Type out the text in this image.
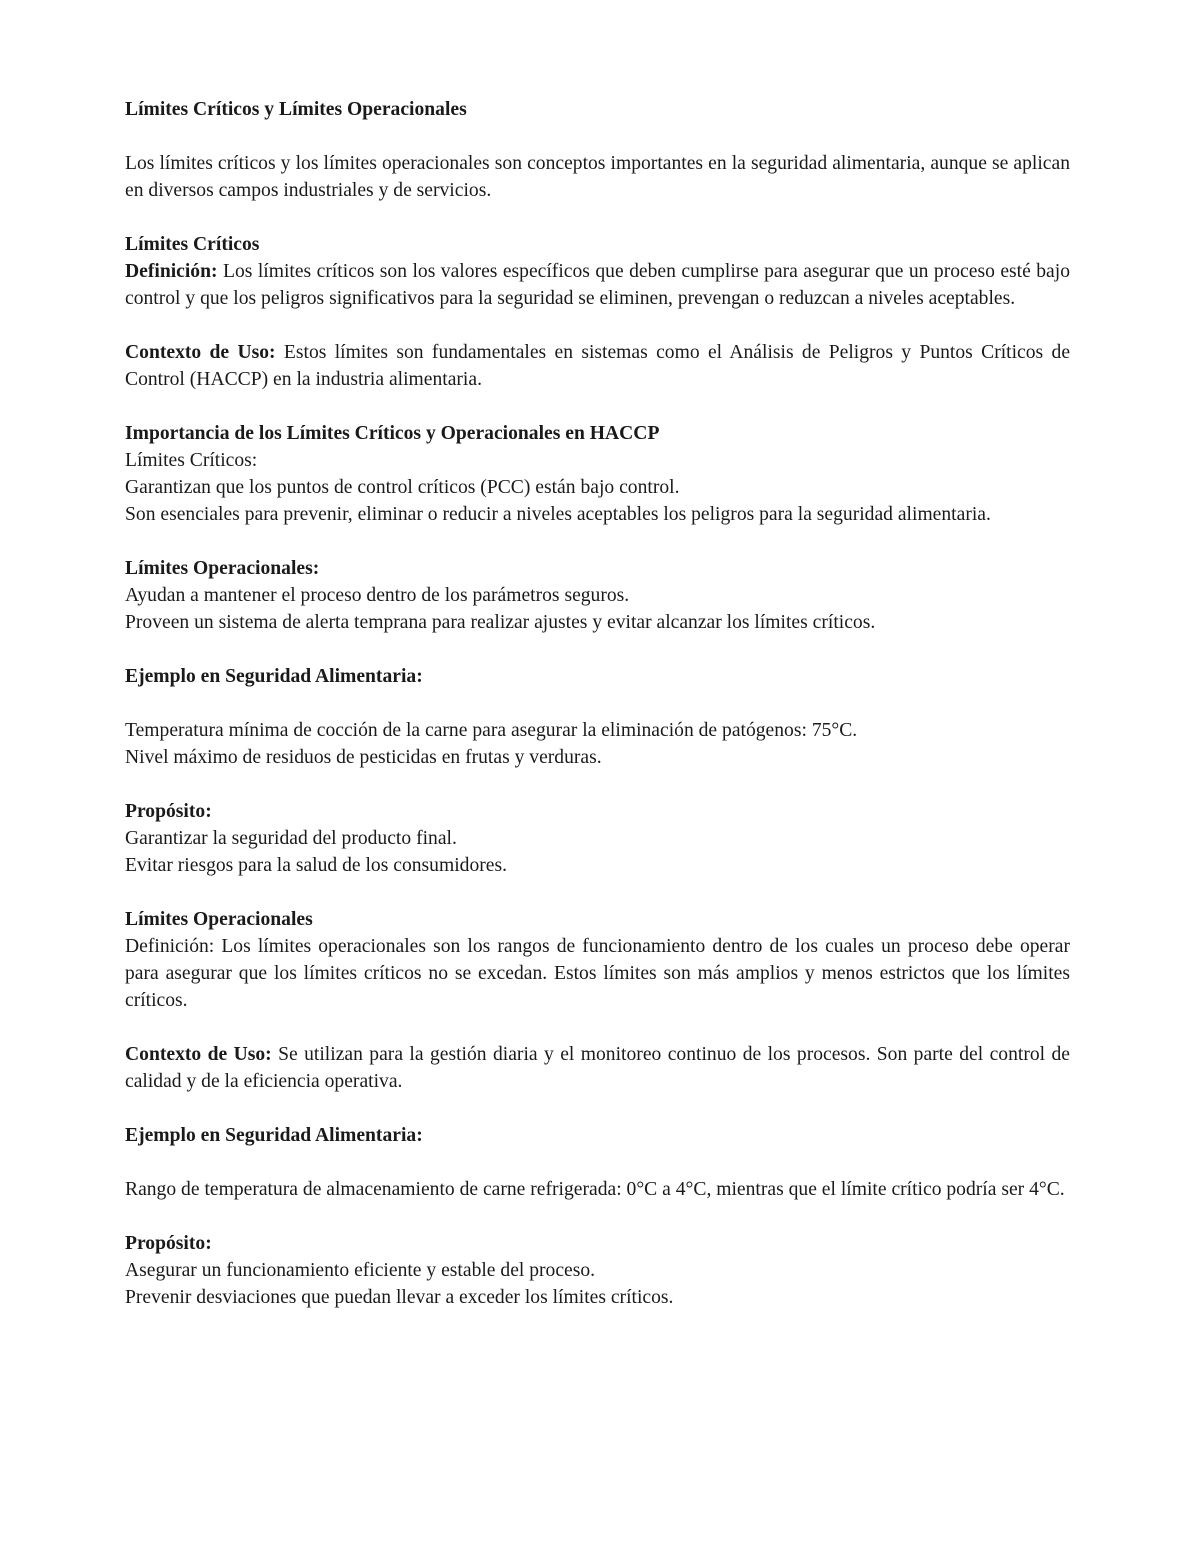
Límites Críticos y Límites Operacionales

Los límites críticos y los límites operacionales son conceptos importantes en la seguridad alimentaria, aunque se aplican en diversos campos industriales y de servicios.

Límites Críticos

Definición: Los límites críticos son los valores específicos que deben cumplirse para asegurar que un proceso esté bajo control y que los peligros significativos para la seguridad se eliminen, prevengan o reduzcan a niveles aceptables.

Contexto de Uso: Estos límites son fundamentales en sistemas como el Análisis de Peligros y Puntos Críticos de Control (HACCP) en la industria alimentaria.

Importancia de los Límites Críticos y Operacionales en HACCP

Límites Críticos:

Garantizan que los puntos de control críticos (PCC) están bajo control.

Son esenciales para prevenir, eliminar o reducir a niveles aceptables los peligros para la seguridad alimentaria.

Límites Operacionales:

Ayudan a mantener el proceso dentro de los parámetros seguros.

Proveen un sistema de alerta temprana para realizar ajustes y evitar alcanzar los límites críticos.

Ejemplo en Seguridad Alimentaria:

Temperatura mínima de cocción de la carne para asegurar la eliminación de patógenos: 75°C.

Nivel máximo de residuos de pesticidas en frutas y verduras.

Propósito:

Garantizar la seguridad del producto final.

Evitar riesgos para la salud de los consumidores.

Límites Operacionales

Definición: Los límites operacionales son los rangos de funcionamiento dentro de los cuales un proceso debe operar para asegurar que los límites críticos no se excedan. Estos límites son más amplios y menos estrictos que los límites críticos.

Contexto de Uso: Se utilizan para la gestión diaria y el monitoreo continuo de los procesos. Son parte del control de calidad y de la eficiencia operativa.

Ejemplo en Seguridad Alimentaria:

Rango de temperatura de almacenamiento de carne refrigerada: 0°C a 4°C, mientras que el límite crítico podría ser 4°C.

Propósito:

Asegurar un funcionamiento eficiente y estable del proceso.

Prevenir desviaciones que puedan llevar a exceder los límites críticos.
